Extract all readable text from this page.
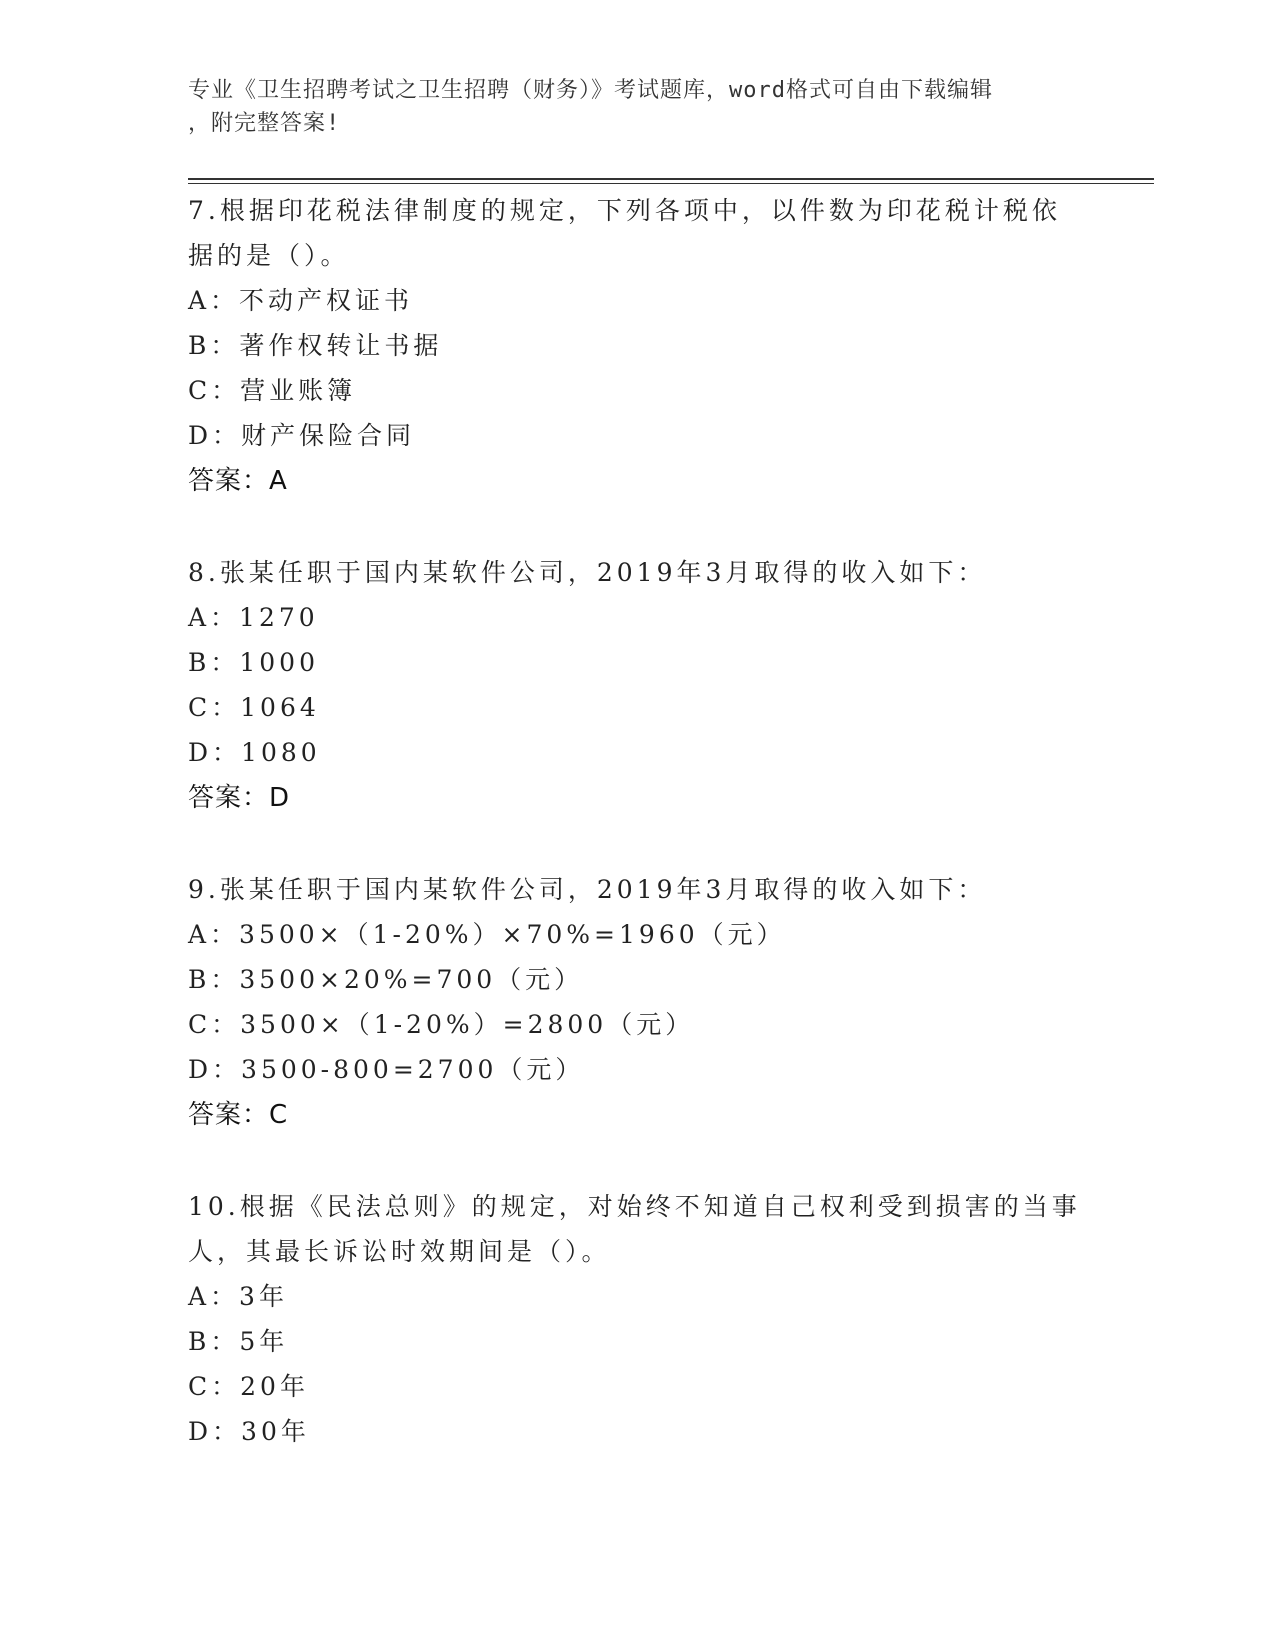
专业《卫生招聘考试之卫生招聘（财务）》考试题库，word格式可自由下载编辑
，附完整答案!
7.根据印花税法律制度的规定，下列各项中，以件数为印花税计税依据的是（）。
A：不动产权证书
B：著作权转让书据
C：营业账簿
D：财产保险合同
答案：A
8.张某任职于国内某软件公司，2019年3月取得的收入如下：
A：1270
B：1000
C：1064
D：1080
答案：D
9.张某任职于国内某软件公司，2019年3月取得的收入如下：
A：3500×（1-20%）×70%=1960（元）
B：3500×20%=700（元）
C：3500×（1-20%）=2800（元）
D：3500-800=2700（元）
答案：C
10.根据《民法总则》的规定，对始终不知道自己权利受到损害的当事人，其最长诉讼时效期间是（）。
A：3年
B：5年
C：20年
D：30年
